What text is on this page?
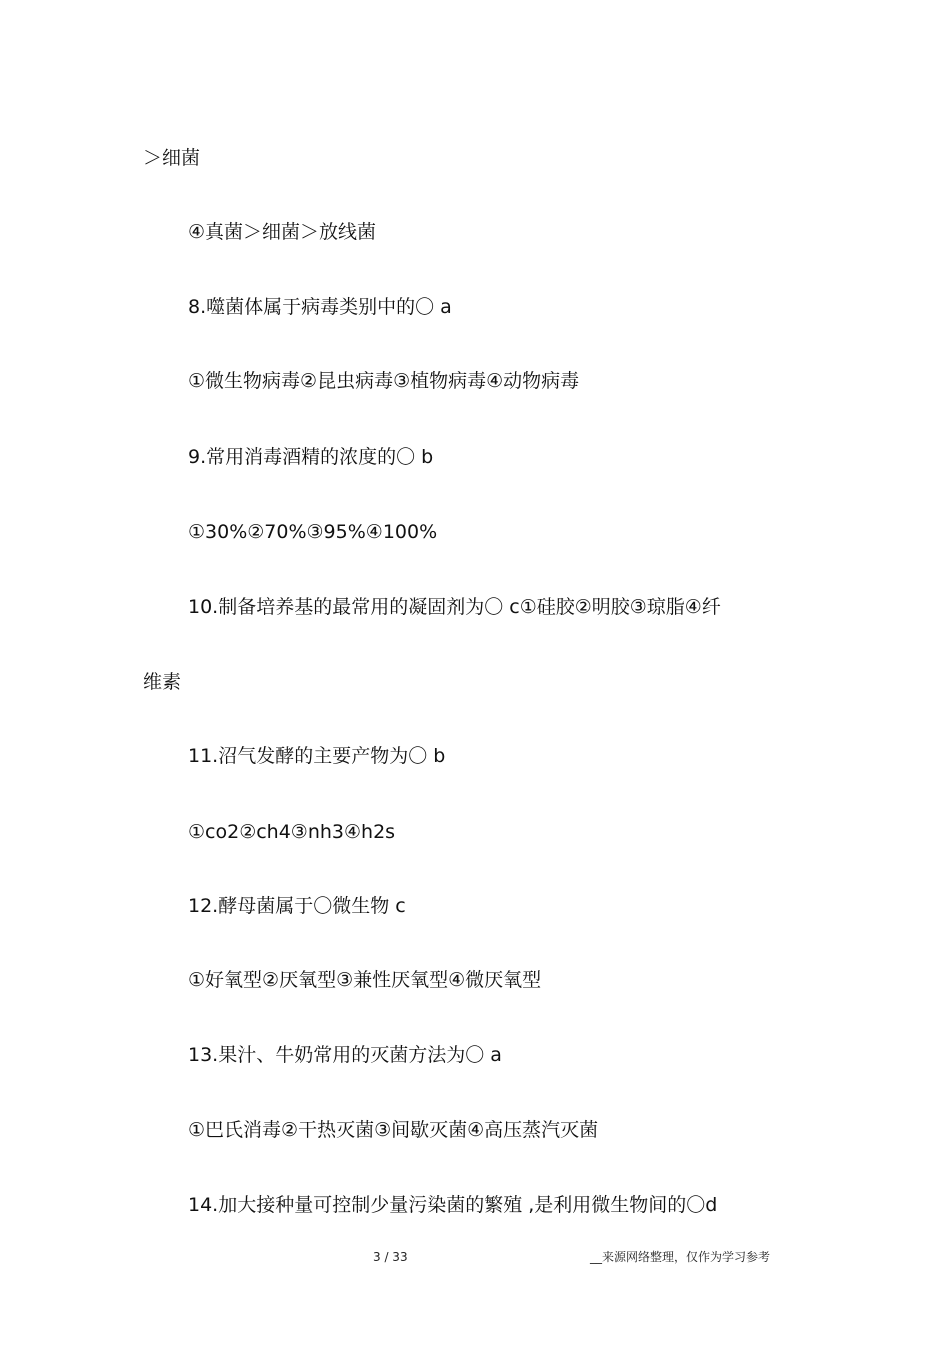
＞细菌
④真菌＞细菌＞放线菌
8.噬菌体属于病毒类别中的〇 a
①微生物病毒②昆虫病毒③植物病毒④动物病毒
9.常用消毒酒精的浓度的〇 b
①30%②70%③95%④100%
10.制备培养基的最常用的凝固剂为〇 c①硅胶②明胶③琼脂④纤
维素
11.沼气发酵的主要产物为〇 b
①co2②ch4③nh3④h2s
12.酵母菌属于〇微生物 c
①好氧型②厌氧型③兼性厌氧型④微厌氧型
13.果汁、牛奶常用的灭菌方法为〇 a
①巴氏消毒②干热灭菌③间歇灭菌④高压蒸汽灭菌
14.加大接种量可控制少量污染菌的繁殖 ,是利用微生物间的〇d
3 / 33	__来源网络整理，仅作为学习参考
